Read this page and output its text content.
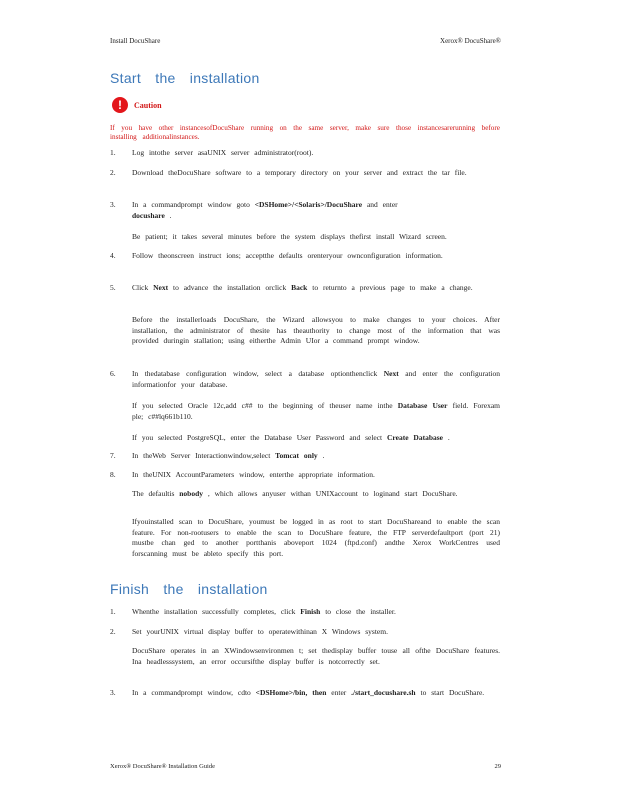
Install DocuShare	Xerox® DocuShare®
Start the installation
!	Caution
If you have other instancesofDocuShare running on the same server, make sure those instancesarerunning before installing additionalinstances.
1. Log intothe server asaUNIX server administrator(root).
2. Download theDocuShare software to a temporary directory on your server and extract the tar file.
3. In a commandprompt window goto <DSHome>/<Solaris>/DocuShare and enter
docushare .
Be patient; it takes several minutes before the system displays thefirst install Wizard screen.
4. Follow theonscreen instruct ions; acceptthe defaults orenteryour ownconfiguration information.
5. Click Next to advance the installation orclick Back to returnto a previous page to make a change.
Before the installerloads DocuShare, the Wizard allowsyou to make changes to your choices. After installation, the administrator of thesite has theauthority to change most of the information that was provided duringin stallation; using eitherthe Admin UIor a command prompt window.
6. In thedatabase configuration window, select a database optionthenclick Next and enter the configuration informationfor your database.
If you selected Oracle 12c,add c## to the beginning of theuser name inthe Database User field. Forexam ple; c##lq661b110.
If you selected PostgreSQL, enter the Database User Password and select Create Database .
7. In theWeb Server Interactionwindow,select Tomcat only .
8. In theUNIX AccountParameters window, enterthe appropriate information.
The defaultis nobody , which allows anyuser withan UNIXaccount to loginand start DocuShare.
Ifyouinstalled scan to DocuShare, youmust be logged in as root to start DocuShareand to enable the scan feature. For non-rootusers to enable the scan to DocuShare feature, the FTP serverdefaultport (port 21) mustbe chan ged to another portthanis aboveport 1024 (ftpd.conf) andthe Xerox WorkCentres used forscanning must be ableto specify this port.
Finish the installation
1. Whenthe installation successfully completes, click Finish to close the installer.
2. Set yourUNIX virtual display buffer to operatewithinan X Windows system.
DocuShare operates in an XWindowsenvironmen t; set thedisplay buffer touse all ofthe DocuShare features. Ina headlesssystem, an error occursifthe display buffer is notcorrectly set.
3. In a commandprompt window, cdto <DSHome>/bin, then enter ./start_docushare.sh to start DocuShare.
Xerox® DocuShare® Installation Guide	29
